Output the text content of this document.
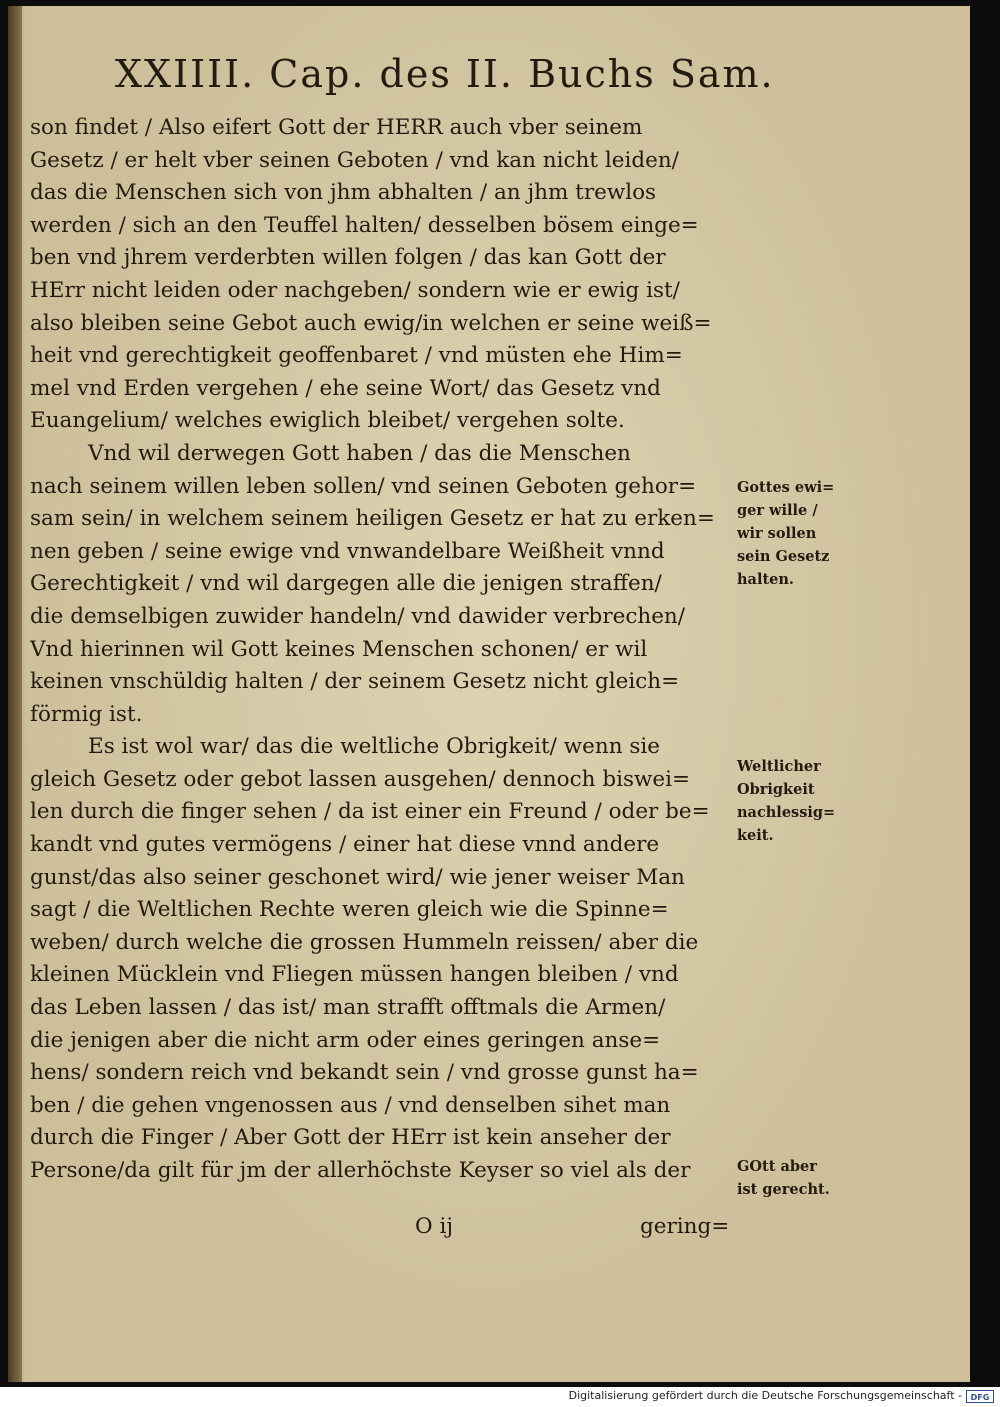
XXIIII. Cap. des II. Buchs Sam.
son findet / Also eifert Gott der HERR auch vber seinem
Gesetz / er helt vber seinen Geboten / vnd kan nicht leiden/
das die Menschen sich von jhm abhalten / an jhm trewlos
werden / sich an den Teuffel halten/ desselben bösem einge=
ben vnd jhrem verderbten willen folgen / das kan Gott der
HErr nicht leiden oder nachgeben/ sondern wie er ewig ist/
also bleiben seine Gebot auch ewig/in welchen er seine weiß=
heit vnd gerechtigkeit geoffenbaret / vnd müsten ehe Him=
mel vnd Erden vergehen / ehe seine Wort/ das Gesetz vnd
Euangelium/ welches ewiglich bleibet/ vergehen solte.
Vnd wil derwegen Gott haben / das die Menschen
nach seinem willen leben sollen/ vnd seinen Geboten gehor=
sam sein/ in welchem seinem heiligen Gesetz er hat zu erken=
nen geben / seine ewige vnd vnwandelbare Weißheit vnnd
Gerechtigkeit / vnd wil dargegen alle die jenigen straffen/
die demselbigen zuwider handeln/ vnd dawider verbrechen/
Vnd hierinnen wil Gott keines Menschen schonen/ er wil
keinen vnschüldig halten / der seinem Gesetz nicht gleich=
förmig ist.
Es ist wol war/ das die weltliche Obrigkeit/ wenn sie
gleich Gesetz oder gebot lassen ausgehen/ dennoch biswei=
len durch die finger sehen / da ist einer ein Freund / oder be=
kandt vnd gutes vermögens / einer hat diese vnnd andere
gunst/das also seiner geschonet wird/ wie jener weiser Man
sagt / die Weltlichen Rechte weren gleich wie die Spinne=
weben/ durch welche die grossen Hummeln reissen/ aber die
kleinen Mücklein vnd Fliegen müssen hangen bleiben / vnd
das Leben lassen / das ist/ man strafft offtmals die Armen/
die jenigen aber die nicht arm oder eines geringen anse=
hens/ sondern reich vnd bekandt sein / vnd grosse gunst ha=
ben / die gehen vngenossen aus / vnd denselben sihet man
durch die Finger / Aber Gott der HErr ist kein anseher der
Persone/da gilt für jm der allerhöchste Keyser so viel als der
Gottes ewi=
ger wille /
wir sollen
sein Gesetz
halten.
Weltlicher
Obrigkeit
nachlessig=
keit.
GOtt aber
ist gerecht.
O ij	gering=
Digitalisierung gefördert durch die Deutsche Forschungsgemeinschaft -	DFG
